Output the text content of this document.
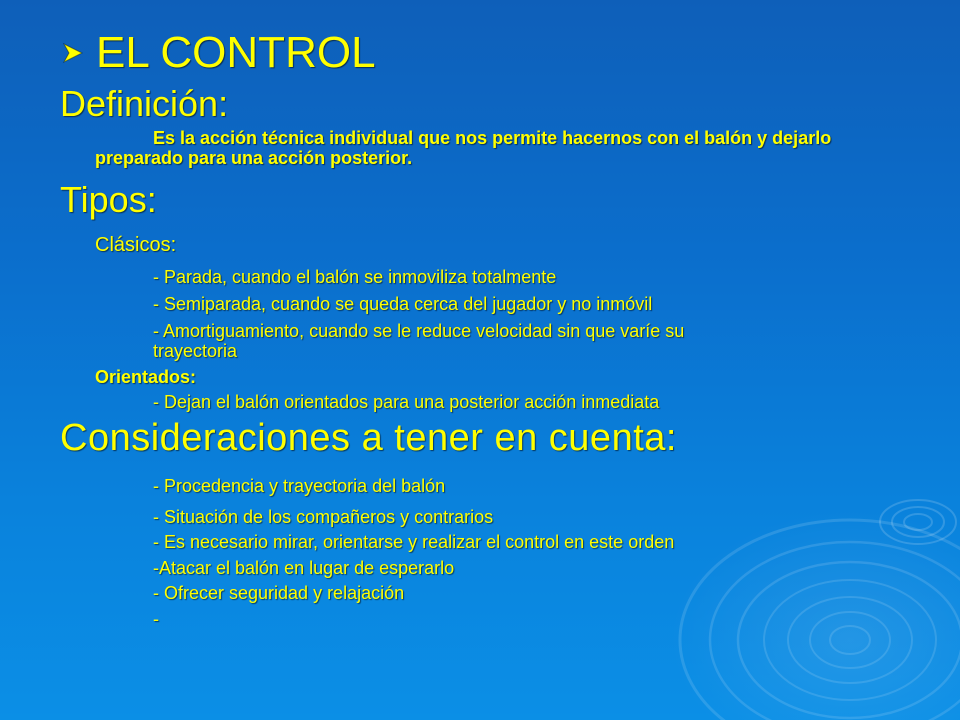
EL CONTROL
Definición:
Es la acción técnica individual que nos permite hacernos con el balón y dejarlo preparado para una acción posterior.
Tipos:
Clásicos:
- Parada, cuando el balón se inmoviliza totalmente
- Semiparada, cuando se queda cerca del jugador y no inmóvil
- Amortiguamiento, cuando se le reduce velocidad sin que varíe su
trayectoria
Orientados:
- Dejan el balón orientados para una posterior acción inmediata
Consideraciones a tener en cuenta:
- Procedencia y trayectoria del balón
- Situación de los compañeros y contrarios
- Es necesario mirar, orientarse y realizar el control en este orden
-Atacar el balón en lugar de esperarlo
- Ofrecer seguridad y relajación
-
